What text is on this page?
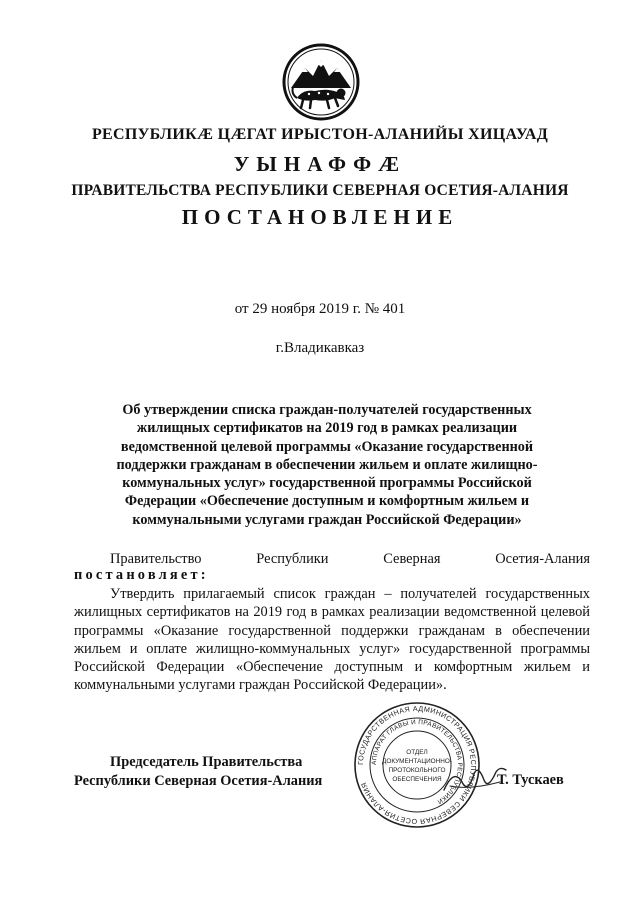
РЕСПУБЛИКӔ ЦӔГАТ ИРЫСТОН-АЛАНИЙЫ ХИЦАУАД
УЫНАФФӔ
ПРАВИТЕЛЬСТВА РЕСПУБЛИКИ СЕВЕРНАЯ ОСЕТИЯ-АЛАНИЯ
ПОСТАНОВЛЕНИЕ
от 29 ноября 2019 г. № 401
г.Владикавказ
Об утверждении списка граждан-получателей государственных жилищных сертификатов на 2019 год в рамках реализации ведомственной целевой программы «Оказание государственной поддержки гражданам в обеспечении жильем и оплате жилищно-коммунальных услуг» государственной программы Российской Федерации «Обеспечение доступным и комфортным жильем и коммунальными услугами граждан Российской Федерации»
Правительство Республики Северная Осетия-Алания
постановляет:
Утвердить прилагаемый список граждан – получателей государственных жилищных сертификатов на 2019 год в рамках реализации ведомственной целевой программы «Оказание государственной поддержки гражданам в обеспечении жильем и оплате жилищно-коммунальных услуг» государственной программы Российской Федерации «Обеспечение доступным и комфортным жильем и коммунальными услугами граждан Российской Федерации».
Председатель Правительства
Республики Северная Осетия-Алания
ГОСУДАРСТВЕННАЯ АДМИНИСТРАЦИЯ РЕСПУБЛИКИ СЕВЕРНАЯ ОСЕТИЯ-АЛАНИЯ
АППАРАТ ГЛАВЫ И ПРАВИТЕЛЬСТВА РЕСПУБЛИКИ
ОТДЕЛ
ДОКУМЕНТАЦИОННО-
ПРОТОКОЛЬНОГО
ОБЕСПЕЧЕНИЯ	Т. Тускаев
